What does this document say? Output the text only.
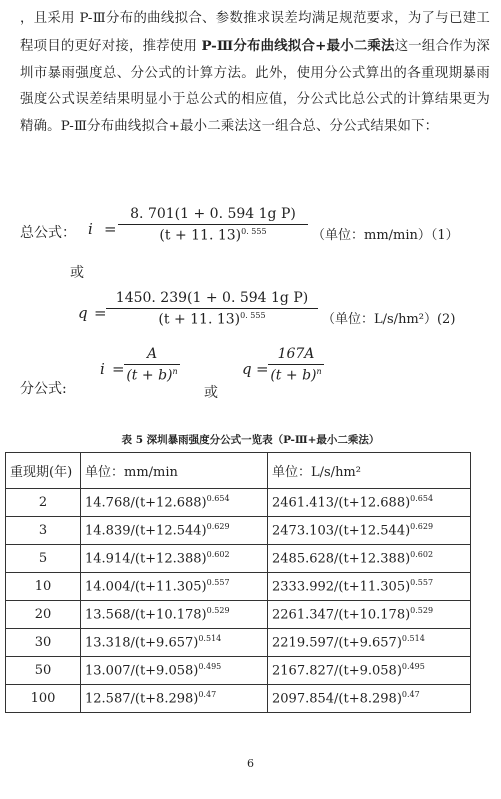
，且采用 P-Ⅲ分布的曲线拟合、参数推求误差均满足规范要求，为了与已建工程项目的更好对接，推荐使用 P-Ⅲ分布曲线拟合+最小二乘法这一组合作为深圳市暴雨强度总、分公式的计算方法。此外，使用分公式算出的各重现期暴雨强度公式误差结果明显小于总公式的相应值，分公式比总公式的计算结果更为精确。P-Ⅲ分布曲线拟合+最小二乘法这一组合总、分公式结果如下：
总公式： i =
8. 701(1 + 0. 594 1g P)
(t + 11. 13)$^{0. 555}$	（单位：mm/min）（1）
或
q =
1450. 239(1 + 0. 594 1g P)
(t + 11. 13)$^{0. 555}$	（单位：L/s/hm²）(2)
分公式:
i =
A
$(t + b)^n$
或
q =
167A
$(t + b)^n$
表 5 深圳暴雨强度分公式一览表（P-Ⅲ+最小二乘法）
重现期(年)	单位：mm/min	单位：L/s/hm²
2	$14.768/(t+12.688)^{0.654}$	$2461.413/(t+12.688)^{0.654}$
3	$14.839/(t+12.544)^{0.629}$	$2473.103/(t+12.544)^{0.629}$
5	$14.914/(t+12.388)^{0.602}$	$2485.628/(t+12.388)^{0.602}$
10	$14.004/(t+11.305)^{0.557}$	$2333.992/(t+11.305)^{0.557}$
20	$13.568/(t+10.178)^{0.529}$	$2261.347/(t+10.178)^{0.529}$
30	$13.318/(t+9.657)^{0.514}$	$2219.597/(t+9.657)^{0.514}$
50	$13.007/(t+9.058)^{0.495}$	$2167.827/(t+9.058)^{0.495}$
100	$12.587/(t+8.298)^{0.47}$	$2097.854/(t+8.298)^{0.47}$
6
